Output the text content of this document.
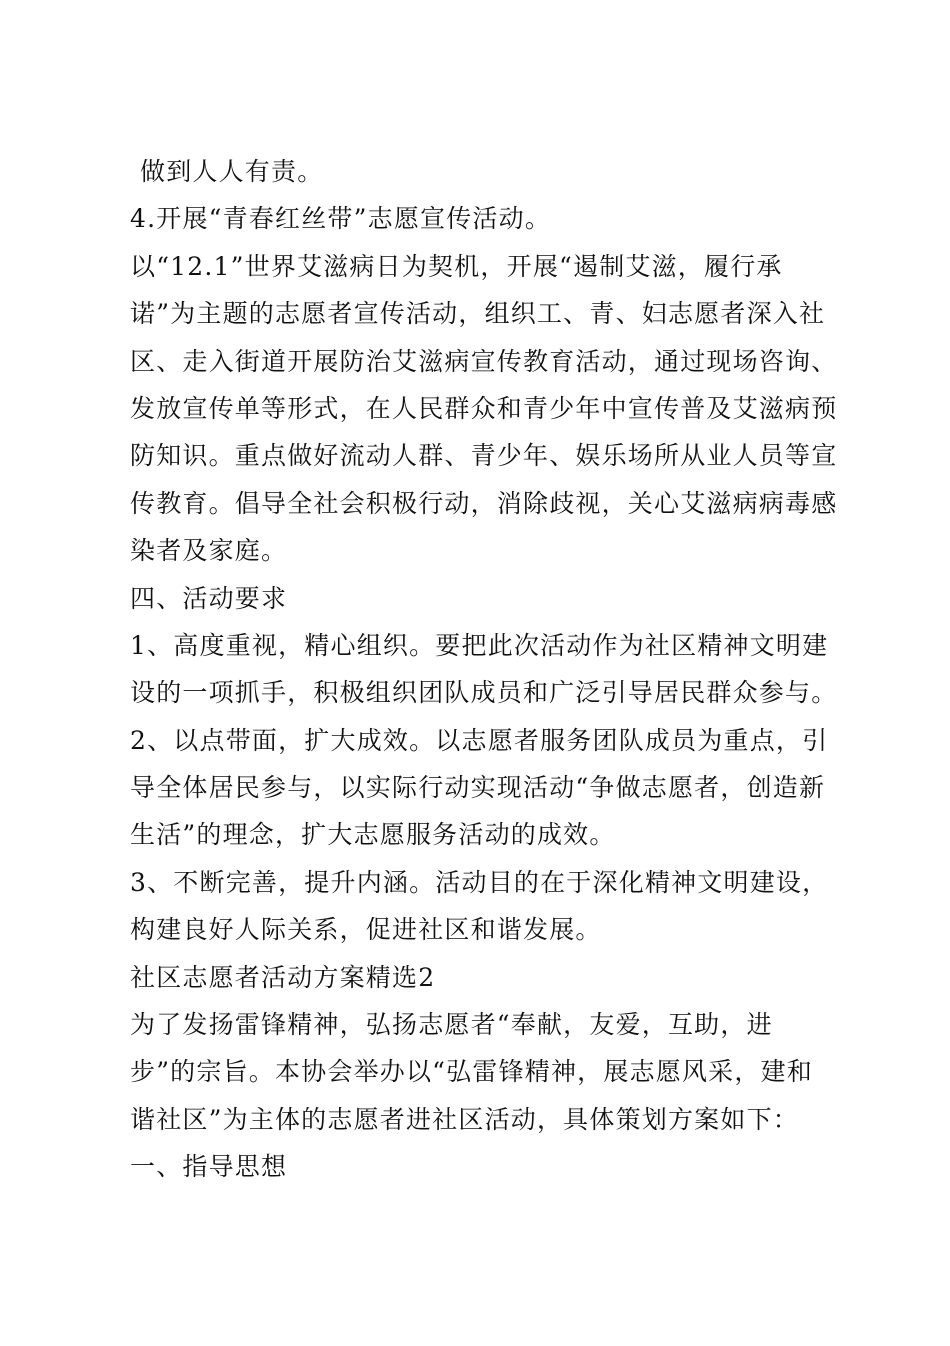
做到人人有责。
4.开展“青春红丝带”志愿宣传活动。
以“12.1”世界艾滋病日为契机，开展“遏制艾滋，履行承
诺”为主题的志愿者宣传活动，组织工、青、妇志愿者深入社
区、走入街道开展防治艾滋病宣传教育活动，通过现场咨询、
发放宣传单等形式，在人民群众和青少年中宣传普及艾滋病预
防知识。重点做好流动人群、青少年、娱乐场所从业人员等宣
传教育。倡导全社会积极行动，消除歧视，关心艾滋病病毒感
染者及家庭。
四、活动要求
1、高度重视，精心组织。要把此次活动作为社区精神文明建
设的一项抓手，积极组织团队成员和广泛引导居民群众参与。
2、以点带面，扩大成效。以志愿者服务团队成员为重点，引
导全体居民参与，以实际行动实现活动“争做志愿者，创造新
生活”的理念，扩大志愿服务活动的成效。
3、不断完善，提升内涵。活动目的在于深化精神文明建设，
构建良好人际关系，促进社区和谐发展。
社区志愿者活动方案精选2
为了发扬雷锋精神，弘扬志愿者“奉献，友爱，互助，进
步”的宗旨。本协会举办以“弘雷锋精神，展志愿风采，建和
谐社区”为主体的志愿者进社区活动，具体策划方案如下：
一、指导思想
